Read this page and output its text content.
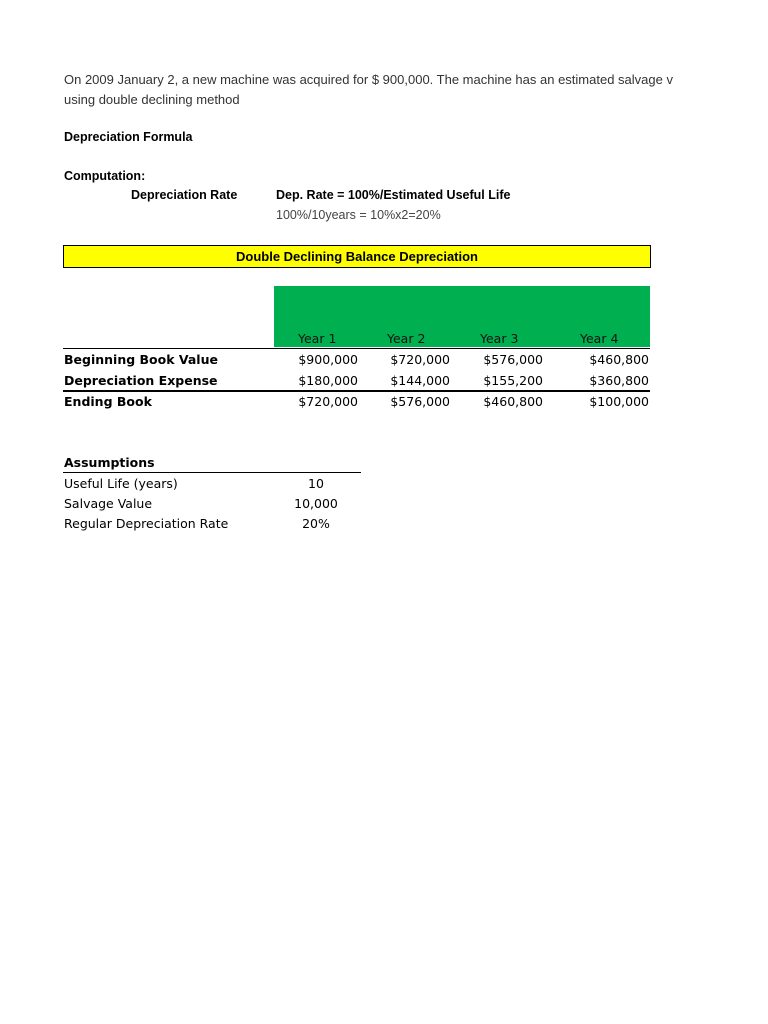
On 2009 January 2, a new machine was acquired for $ 900,000. The machine has an estimated salvage v
using double declining method
Depreciation Formula
Computation:
Depreciation Rate	Dep. Rate = 100%/Estimated Useful Life
100%/10years = 10%x2=20%
Double Declining Balance Depreciation
Year 1	Year 2	Year 3	Year 4
Beginning Book Value	$900,000	$720,000	$576,000	$460,800
Depreciation Expense	$180,000	$144,000	$155,200	$360,800
Ending Book	$720,000	$576,000	$460,800	$100,000
Assumptions
Useful Life (years)	10
Salvage Value	10,000
Regular Depreciation Rate	20%
